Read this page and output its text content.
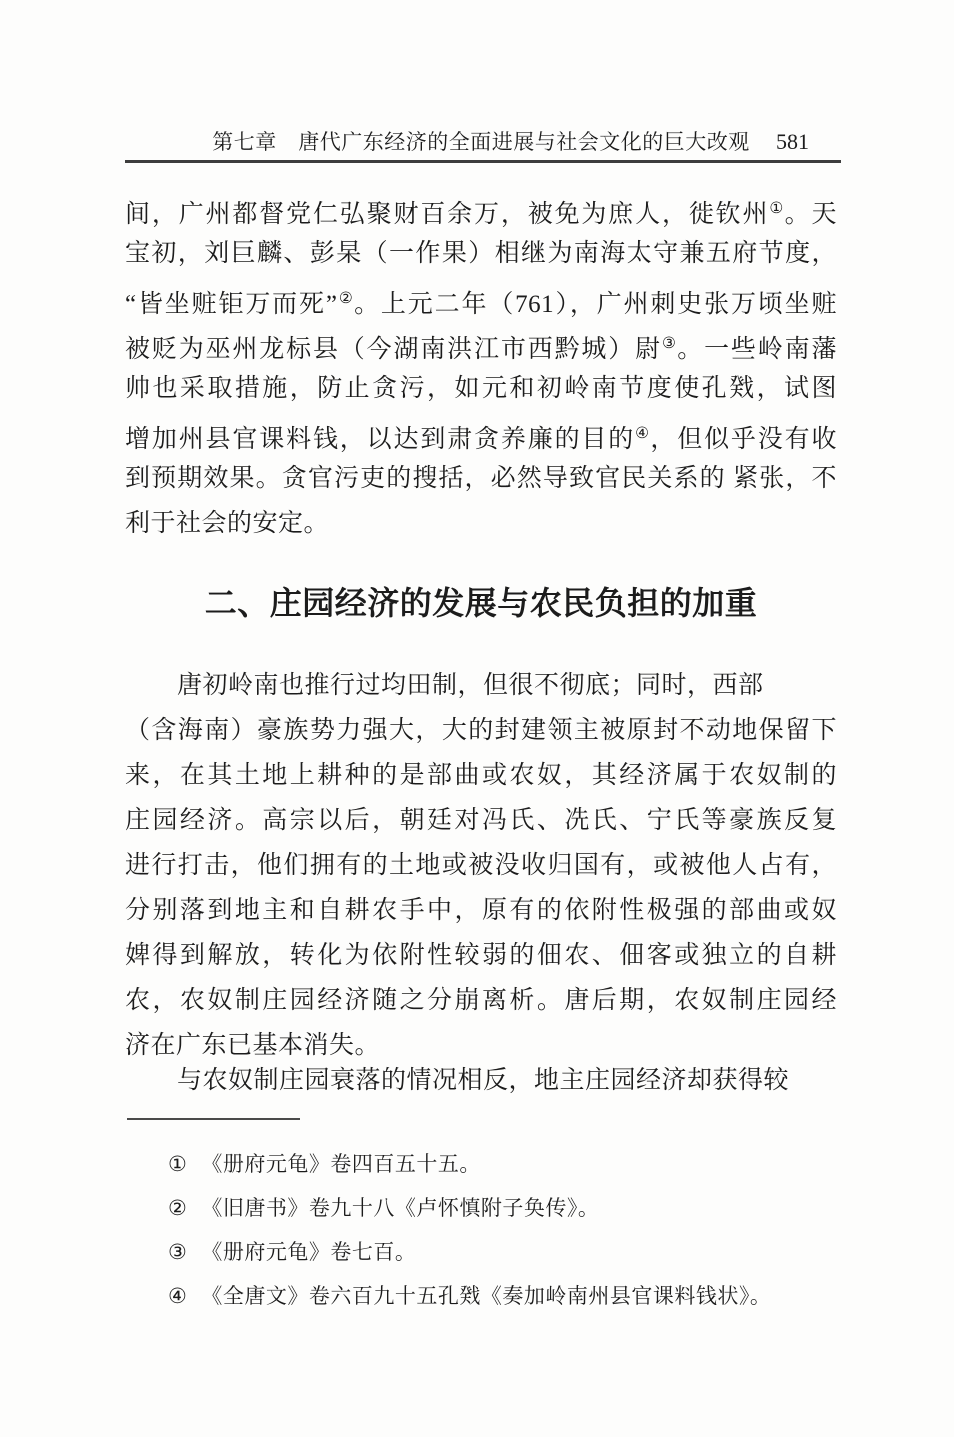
第七章　唐代广东经济的全面进展与社会文化的巨大改观	581
间，广州都督党仁弘聚财百余万，被免为庶人，徙钦州①。天
宝初，刘巨麟、彭杲（一作果）相继为南海太守兼五府节度，
“皆坐赃钜万而死”②。上元二年（761），广州刺史张万顷坐赃
被贬为巫州龙标县（今湖南洪江市西黔城）尉③。一些岭南藩
帅也采取措施，防止贪污，如元和初岭南节度使孔戣，试图
增加州县官课料钱，以达到肃贪养廉的目的④，但似乎没有收
到预期效果。贪官污吏的搜括，必然导致官民关系的 紧张，不
利于社会的安定。
二、庄园经济的发展与农民负担的加重
唐初岭南也推行过均田制，但很不彻底；同时，西部
（含海南）豪族势力强大，大的封建领主被原封不动地保留下
来，在其土地上耕种的是部曲或农奴，其经济属于农奴制的
庄园经济。高宗以后，朝廷对冯氏、冼氏、宁氏等豪族反复
进行打击，他们拥有的土地或被没收归国有，或被他人占有，
分别落到地主和自耕农手中，原有的依附性极强的部曲或奴
婢得到解放，转化为依附性较弱的佃农、佃客或独立的自耕
农，农奴制庄园经济随之分崩离析。唐后期，农奴制庄园经
济在广东已基本消失。
与农奴制庄园衰落的情况相反，地主庄园经济却获得较
① 《册府元龟》卷四百五十五。
② 《旧唐书》卷九十八《卢怀慎附子奂传》。
③ 《册府元龟》卷七百。
④ 《全唐文》卷六百九十五孔戣《奏加岭南州县官课料钱状》。
